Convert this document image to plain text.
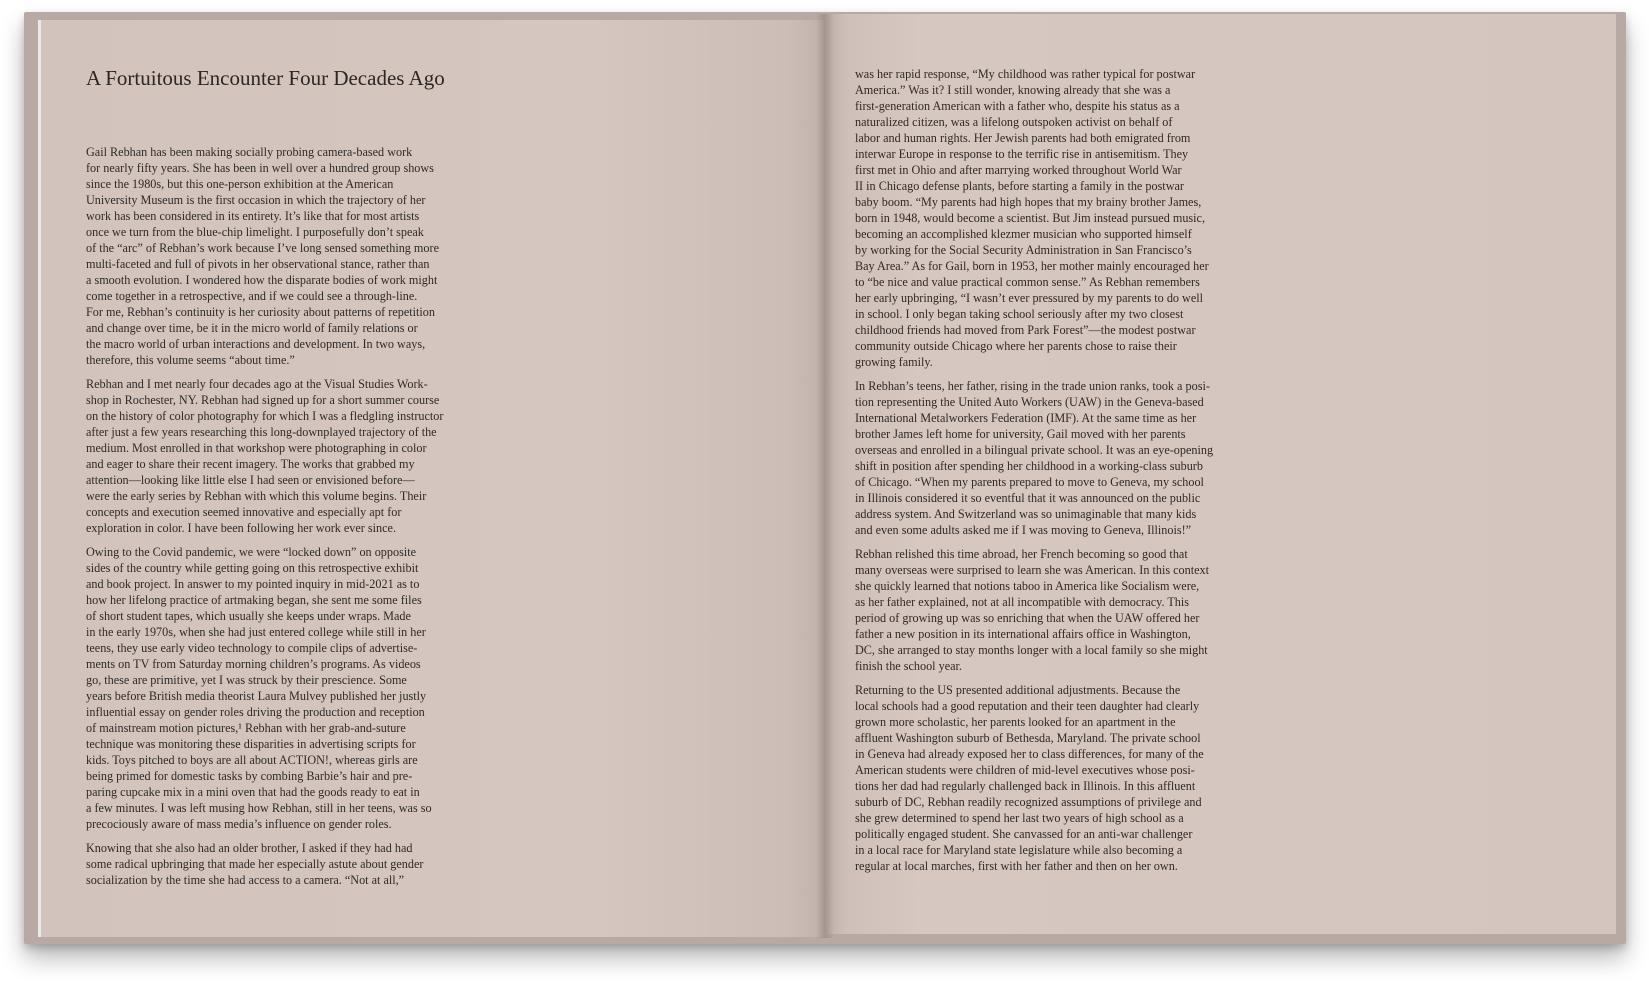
A Fortuitous Encounter Four Decades Ago

Gail Rebhan has been making socially probing camera-based work
for nearly fifty years. She has been in well over a hundred group shows
since the 1980s, but this one-person exhibition at the American
University Museum is the first occasion in which the trajectory of her
work has been considered in its entirety. It’s like that for most artists
once we turn from the blue-chip limelight. I purposefully don’t speak
of the “arc” of Rebhan’s work because I’ve long sensed something more
multi-faceted and full of pivots in her observational stance, rather than
a smooth evolution. I wondered how the disparate bodies of work might
come together in a retrospective, and if we could see a through-line.
For me, Rebhan’s continuity is her curiosity about patterns of repetition
and change over time, be it in the micro world of family relations or
the macro world of urban interactions and development. In two ways,
therefore, this volume seems “about time.”

Rebhan and I met nearly four decades ago at the Visual Studies Work-
shop in Rochester, NY. Rebhan had signed up for a short summer course
on the history of color photography for which I was a fledgling instructor
after just a few years researching this long-downplayed trajectory of the
medium. Most enrolled in that workshop were photographing in color
and eager to share their recent imagery. The works that grabbed my
attention—looking like little else I had seen or envisioned before—
were the early series by Rebhan with which this volume begins. Their
concepts and execution seemed innovative and especially apt for
exploration in color. I have been following her work ever since.

Owing to the Covid pandemic, we were “locked down” on opposite
sides of the country while getting going on this retrospective exhibit
and book project. In answer to my pointed inquiry in mid-2021 as to
how her lifelong practice of artmaking began, she sent me some files
of short student tapes, which usually she keeps under wraps. Made
in the early 1970s, when she had just entered college while still in her
teens, they use early video technology to compile clips of advertise-
ments on TV from Saturday morning children’s programs. As videos
go, these are primitive, yet I was struck by their prescience. Some
years before British media theorist Laura Mulvey published her justly
influential essay on gender roles driving the production and reception
of mainstream motion pictures,¹ Rebhan with her grab-and-suture
technique was monitoring these disparities in advertising scripts for
kids. Toys pitched to boys are all about ACTION!, whereas girls are
being primed for domestic tasks by combing Barbie’s hair and pre-
paring cupcake mix in a mini oven that had the goods ready to eat in
a few minutes. I was left musing how Rebhan, still in her teens, was so
precociously aware of mass media’s influence on gender roles.

Knowing that she also had an older brother, I asked if they had had
some radical upbringing that made her especially astute about gender
socialization by the time she had access to a camera. “Not at all,”

was her rapid response, “My childhood was rather typical for postwar
America.” Was it? I still wonder, knowing already that she was a
first-generation American with a father who, despite his status as a
naturalized citizen, was a lifelong outspoken activist on behalf of
labor and human rights. Her Jewish parents had both emigrated from
interwar Europe in response to the terrific rise in antisemitism. They
first met in Ohio and after marrying worked throughout World War
II in Chicago defense plants, before starting a family in the postwar
baby boom. “My parents had high hopes that my brainy brother James,
born in 1948, would become a scientist. But Jim instead pursued music,
becoming an accomplished klezmer musician who supported himself
by working for the Social Security Administration in San Francisco’s
Bay Area.” As for Gail, born in 1953, her mother mainly encouraged her
to “be nice and value practical common sense.” As Rebhan remembers
her early upbringing, “I wasn’t ever pressured by my parents to do well
in school. I only began taking school seriously after my two closest
childhood friends had moved from Park Forest”—the modest postwar
community outside Chicago where her parents chose to raise their
growing family.

In Rebhan’s teens, her father, rising in the trade union ranks, took a posi-
tion representing the United Auto Workers (UAW) in the Geneva-based
International Metalworkers Federation (IMF). At the same time as her
brother James left home for university, Gail moved with her parents
overseas and enrolled in a bilingual private school. It was an eye-opening
shift in position after spending her childhood in a working-class suburb
of Chicago. “When my parents prepared to move to Geneva, my school
in Illinois considered it so eventful that it was announced on the public
address system. And Switzerland was so unimaginable that many kids
and even some adults asked me if I was moving to Geneva, Illinois!”

Rebhan relished this time abroad, her French becoming so good that
many overseas were surprised to learn she was American. In this context
she quickly learned that notions taboo in America like Socialism were,
as her father explained, not at all incompatible with democracy. This
period of growing up was so enriching that when the UAW offered her
father a new position in its international affairs office in Washington,
DC, she arranged to stay months longer with a local family so she might
finish the school year.

Returning to the US presented additional adjustments. Because the
local schools had a good reputation and their teen daughter had clearly
grown more scholastic, her parents looked for an apartment in the
affluent Washington suburb of Bethesda, Maryland. The private school
in Geneva had already exposed her to class differences, for many of the
American students were children of mid-level executives whose posi-
tions her dad had regularly challenged back in Illinois. In this affluent
suburb of DC, Rebhan readily recognized assumptions of privilege and
she grew determined to spend her last two years of high school as a
politically engaged student. She canvassed for an anti-war challenger
in a local race for Maryland state legislature while also becoming a
regular at local marches, first with her father and then on her own.
